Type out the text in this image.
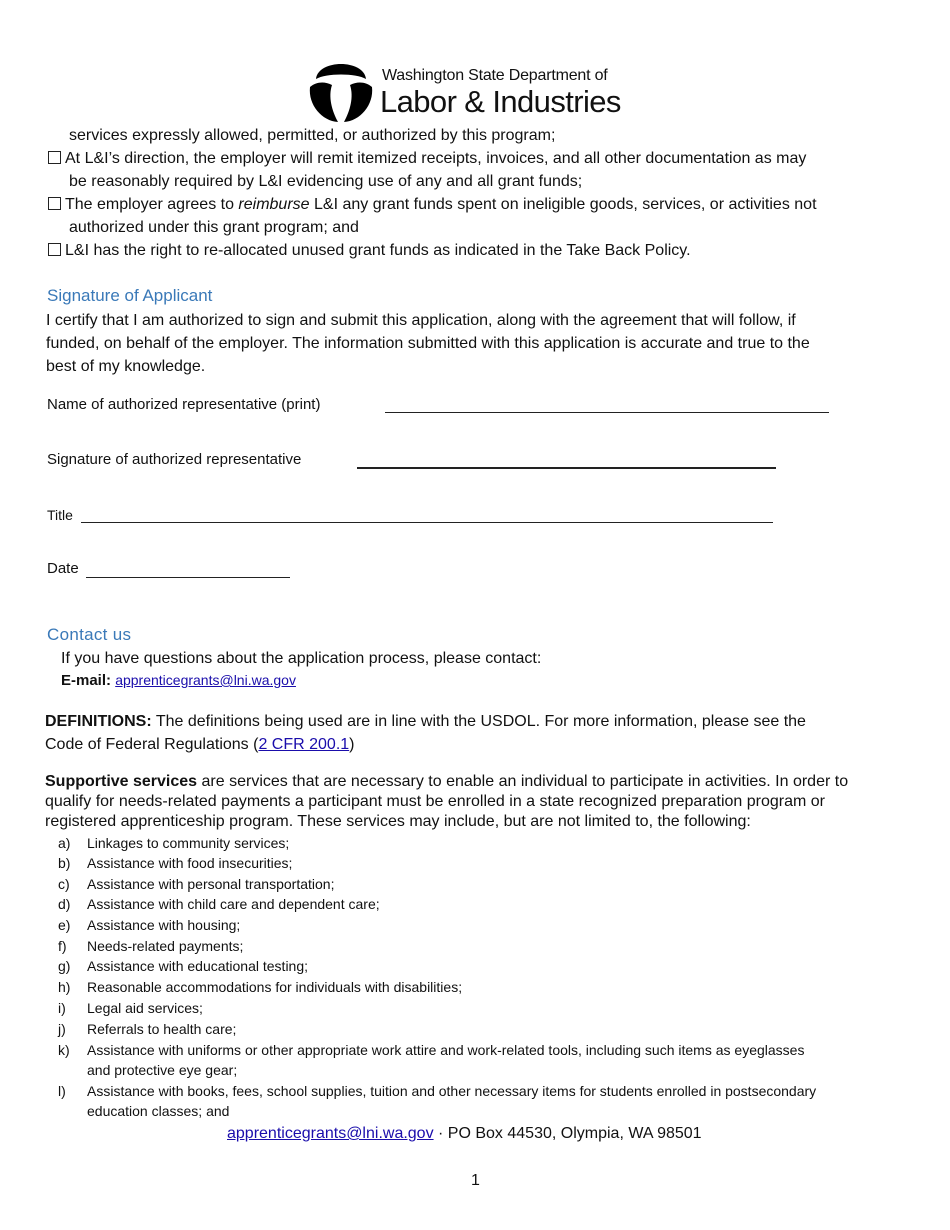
Washington State Department of
Labor & Industries
services expressly allowed, permitted, or authorized by this program;
At L&I’s direction, the employer will remit itemized receipts, invoices, and all other documentation as may
be reasonably required by L&I evidencing use of any and all grant funds;
The employer agrees to reimburse L&I any grant funds spent on ineligible goods, services, or activities not
authorized under this grant program; and
L&I has the right to re-allocated unused grant funds as indicated in the Take Back Policy.
Signature of Applicant
I certify that I am authorized to sign and submit this application, along with the agreement that will follow, if
funded, on behalf of the employer. The information submitted with this application is accurate and true to the
best of my knowledge.
Name of authorized representative (print)
Signature of authorized representative
Title
Date
Contact us
If you have questions about the application process, please contact:
E-mail: apprenticegrants@lni.wa.gov
DEFINITIONS: The definitions being used are in line with the USDOL. For more information, please see the
Code of Federal Regulations (2 CFR 200.1)
Supportive services are services that are necessary to enable an individual to participate in activities. In order to
qualify for needs-related payments a participant must be enrolled in a state recognized preparation program or
registered apprenticeship program. These services may include, but are not limited to, the following:
a) Linkages to community services;
b) Assistance with food insecurities;
c) Assistance with personal transportation;
d) Assistance with child care and dependent care;
e) Assistance with housing;
f) Needs-related payments;
g) Assistance with educational testing;
h) Reasonable accommodations for individuals with disabilities;
i) Legal aid services;
j) Referrals to health care;
k) Assistance with uniforms or other appropriate work attire and work-related tools, including such items as eyeglasses
and protective eye gear;
l) Assistance with books, fees, school supplies, tuition and other necessary items for students enrolled in postsecondary
education classes; and
apprenticegrants@lni.wa.gov · PO Box 44530, Olympia, WA 98501
1
